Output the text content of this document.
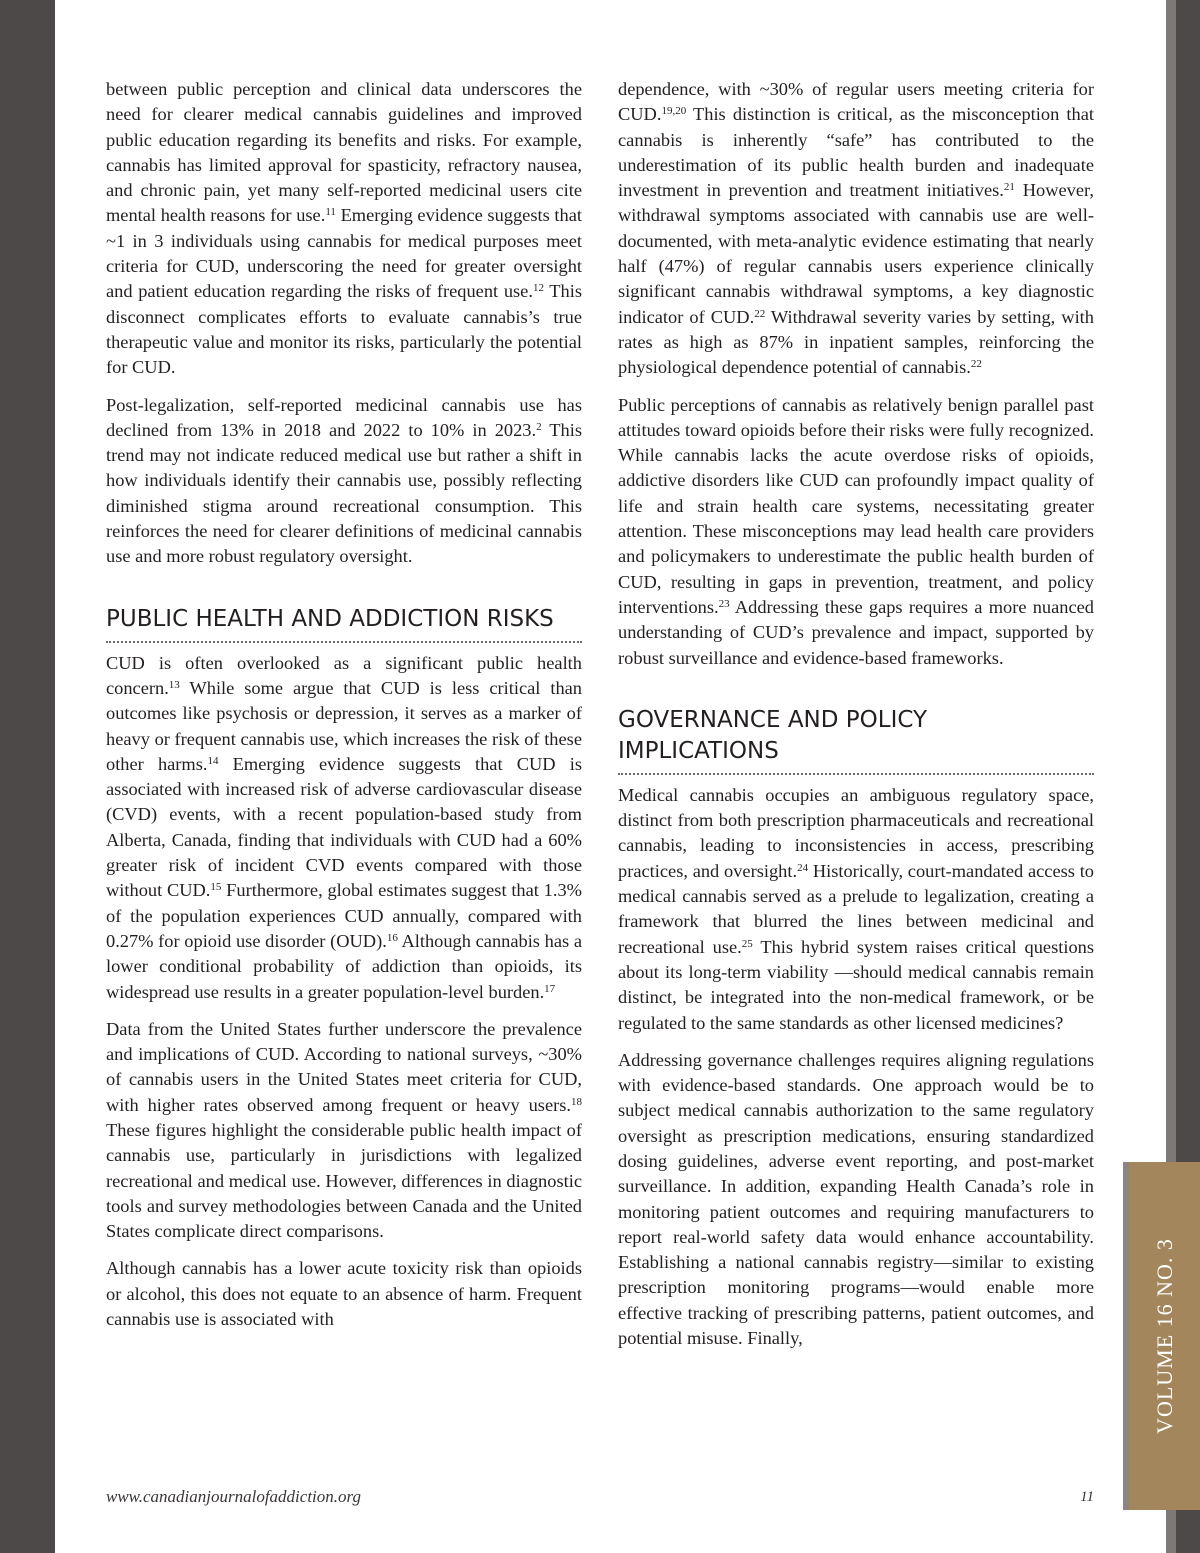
VOLUME 16 NO. 3

between public perception and clinical data underscores the need for clearer medical cannabis guidelines and improved public education regarding its benefits and risks. For example, cannabis has limited approval for spasticity, refractory nausea, and chronic pain, yet many self-reported medicinal users cite mental health reasons for use.$^{11}$ Emerging evidence suggests that ~1 in 3 individuals using cannabis for medical purposes meet criteria for CUD, underscoring the need for greater oversight and patient education regarding the risks of frequent use.$^{12}$ This disconnect complicates efforts to evaluate cannabis’s true therapeutic value and monitor its risks, particularly the potential for CUD.

Post-legalization, self-reported medicinal cannabis use has declined from 13% in 2018 and 2022 to 10% in 2023.$^2$ This trend may not indicate reduced medical use but rather a shift in how individuals identify their cannabis use, possibly reflecting diminished stigma around recreational consumption. This reinforces the need for clearer definitions of medicinal cannabis use and more robust regulatory oversight.

PUBLIC HEALTH AND ADDICTION RISKS

CUD is often overlooked as a significant public health concern.$^{13}$ While some argue that CUD is less critical than outcomes like psychosis or depression, it serves as a marker of heavy or frequent cannabis use, which increases the risk of these other harms.$^{14}$ Emerging evidence suggests that CUD is associated with increased risk of adverse cardiovascular disease (CVD) events, with a recent population-based study from Alberta, Canada, finding that individuals with CUD had a 60% greater risk of incident CVD events compared with those without CUD.$^{15}$ Furthermore, global estimates suggest that 1.3% of the population experiences CUD annually, compared with 0.27% for opioid use disorder (OUD).$^{16}$ Although cannabis has a lower conditional probability of addiction than opioids, its widespread use results in a greater population-level burden.$^{17}$

Data from the United States further underscore the prevalence and implications of CUD. According to national surveys, ~30% of cannabis users in the United States meet criteria for CUD, with higher rates observed among frequent or heavy users.$^{18}$ These figures highlight the considerable public health impact of cannabis use, particularly in jurisdictions with legalized recreational and medical use. However, differences in diagnostic tools and survey methodologies between Canada and the United States complicate direct comparisons.

Although cannabis has a lower acute toxicity risk than opioids or alcohol, this does not equate to an absence of harm. Frequent cannabis use is associated with

dependence, with ~30% of regular users meeting criteria for CUD.$^{19,20}$ This distinction is critical, as the misconception that cannabis is inherently “safe” has contributed to the underestimation of its public health burden and inadequate investment in prevention and treatment initiatives.$^{21}$ However, withdrawal symptoms associated with cannabis use are well-documented, with meta-analytic evidence estimating that nearly half (47%) of regular cannabis users experience clinically significant cannabis withdrawal symptoms, a key diagnostic indicator of CUD.$^{22}$ Withdrawal severity varies by setting, with rates as high as 87% in inpatient samples, reinforcing the physiological dependence potential of cannabis.$^{22}$

Public perceptions of cannabis as relatively benign parallel past attitudes toward opioids before their risks were fully recognized. While cannabis lacks the acute overdose risks of opioids, addictive disorders like CUD can profoundly impact quality of life and strain health care systems, necessitating greater attention. These misconceptions may lead health care providers and policymakers to underestimate the public health burden of CUD, resulting in gaps in prevention, treatment, and policy interventions.$^{23}$ Addressing these gaps requires a more nuanced understanding of CUD’s prevalence and impact, supported by robust surveillance and evidence-based frameworks.

GOVERNANCE AND POLICY
IMPLICATIONS

Medical cannabis occupies an ambiguous regulatory space, distinct from both prescription pharmaceuticals and recreational cannabis, leading to inconsistencies in access, prescribing practices, and oversight.$^{24}$ Historically, court-mandated access to medical cannabis served as a prelude to legalization, creating a framework that blurred the lines between medicinal and recreational use.$^{25}$ This hybrid system raises critical questions about its long-term viability —should medical cannabis remain distinct, be integrated into the non-medical framework, or be regulated to the same standards as other licensed medicines?

Addressing governance challenges requires aligning regulations with evidence-based standards. One approach would be to subject medical cannabis authorization to the same regulatory oversight as prescription medications, ensuring standardized dosing guidelines, adverse event reporting, and post-market surveillance. In addition, expanding Health Canada’s role in monitoring patient outcomes and requiring manufacturers to report real-world safety data would enhance accountability. Establishing a national cannabis registry—similar to existing prescription monitoring programs—would enable more effective tracking of prescribing patterns, patient outcomes, and potential misuse. Finally,

www.canadianjournalofaddiction.org	11
